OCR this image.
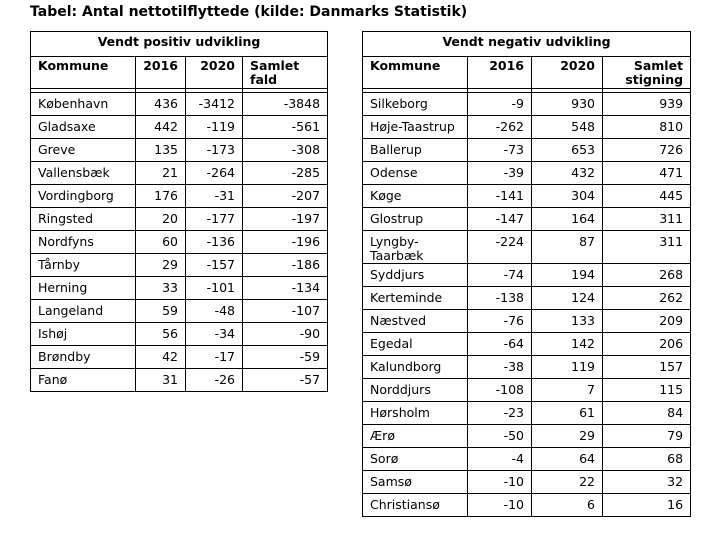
Tabel: Antal nettotilflyttede (kilde: Danmarks Statistik)
Vendt positiv udvikling			
Kommune	2016	2020	Samlet fald

København	436	-3412	-3848
Gladsaxe	442	-119	-561
Greve	135	-173	-308
Vallensbæk	21	-264	-285
Vordingborg	176	-31	-207
Ringsted	20	-177	-197
Nordfyns	60	-136	-196
Tårnby	29	-157	-186
Herning	33	-101	-134
Langeland	59	-48	-107
Ishøj	56	-34	-90
Brøndby	42	-17	-59
Fanø	31	-26	-57
Vendt negativ udvikling			
Kommune	2016	2020	Samlet stigning

Silkeborg	-9	930	939
Høje-Taastrup	-262	548	810
Ballerup	-73	653	726
Odense	-39	432	471
Køge	-141	304	445
Glostrup	-147	164	311
Lyngby-Taarbæk	-224	87	311
Syddjurs	-74	194	268
Kerteminde	-138	124	262
Næstved	-76	133	209
Egedal	-64	142	206
Kalundborg	-38	119	157
Norddjurs	-108	7	115
Hørsholm	-23	61	84
Ærø	-50	29	79
Sorø	-4	64	68
Samsø	-10	22	32
Christiansø	-10	6	16
